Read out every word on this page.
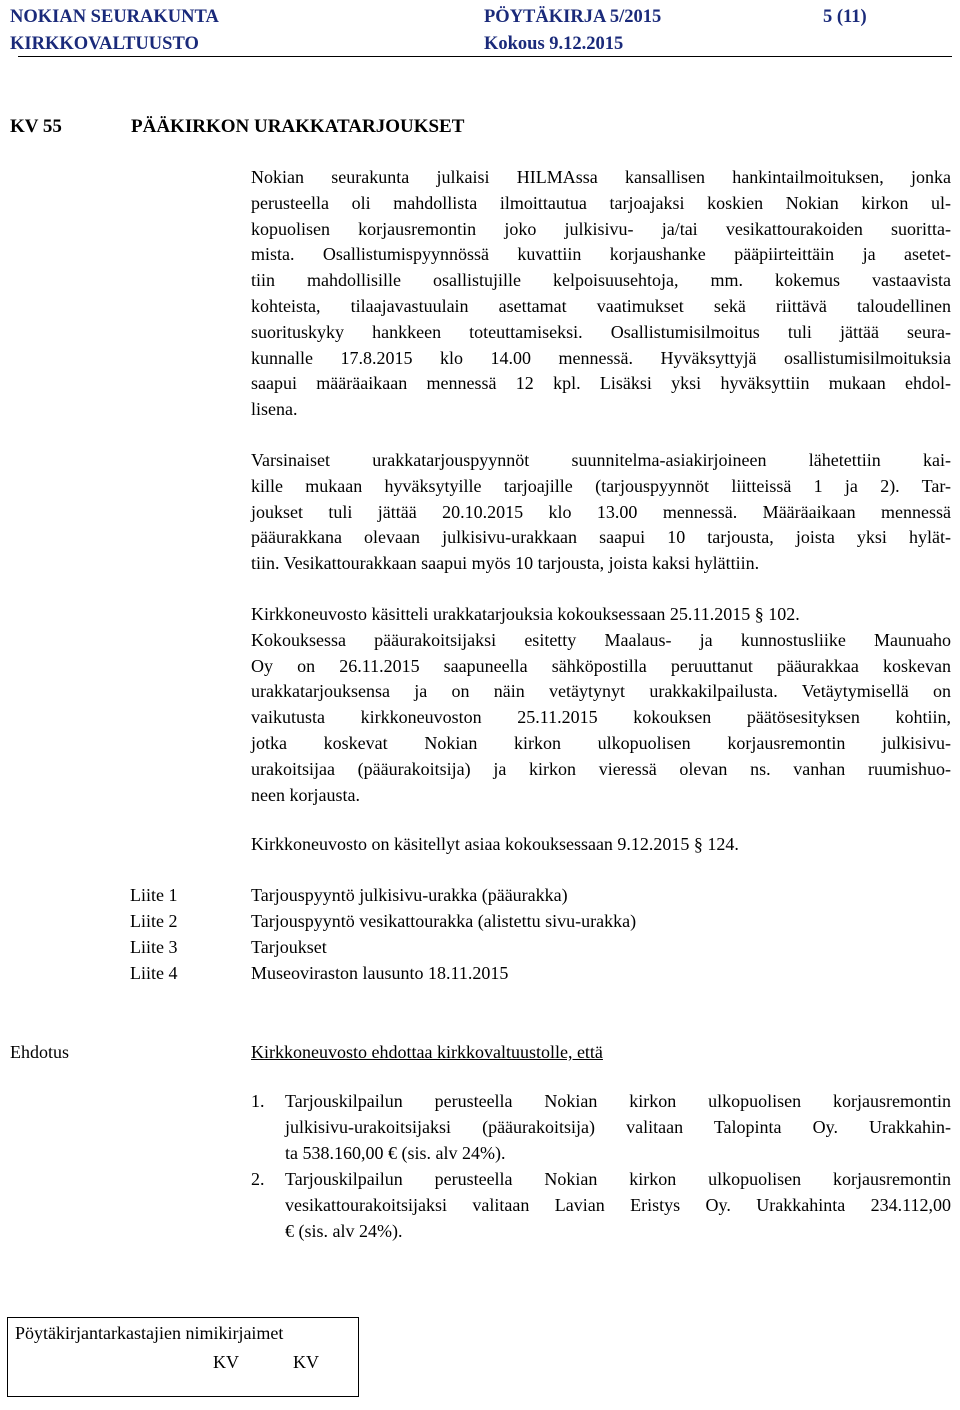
NOKIAN SEURAKUNTA
KIRKKOVALTUUSTO
PÖYTÄKIRJA 5/2015
Kokous 9.12.2015
5 (11)
KV 55	PÄÄKIRKON URAKKATARJOUKSET
Nokian seurakunta julkaisi HILMAssa kansallisen hankintailmoituksen, jonka
perusteella oli mahdollista ilmoittautua tarjoajaksi koskien Nokian kirkon ul-
kopuolisen korjausremontin joko julkisivu- ja/tai vesikattourakoiden suoritta-
mista. Osallistumispyynnössä kuvattiin korjaushanke pääpiirteittäin ja asetet-
tiin mahdollisille osallistujille kelpoisuusehtoja, mm. kokemus vastaavista
kohteista, tilaajavastuulain asettamat vaatimukset sekä riittävä taloudellinen
suorituskyky hankkeen toteuttamiseksi. Osallistumisilmoitus tuli jättää seura-
kunnalle 17.8.2015 klo 14.00 mennessä. Hyväksyttyjä osallistumisilmoituksia
saapui määräaikaan mennessä 12 kpl. Lisäksi yksi hyväksyttiin mukaan ehdol-
lisena.
Varsinaiset urakkatarjouspyynnöt suunnitelma-asiakirjoineen lähetettiin kai-
kille mukaan hyväksytyille tarjoajille (tarjouspyynnöt liitteissä 1 ja 2). Tar-
joukset tuli jättää 20.10.2015 klo 13.00 mennessä. Määräaikaan mennessä
pääurakkana olevaan julkisivu-urakkaan saapui 10 tarjousta, joista yksi hylät-
tiin. Vesikattourakkaan saapui myös 10 tarjousta, joista kaksi hylättiin.
Kirkkoneuvosto käsitteli urakkatarjouksia kokouksessaan 25.11.2015 § 102.
Kokouksessa pääurakoitsijaksi esitetty Maalaus- ja kunnostusliike Maunuaho
Oy on 26.11.2015 saapuneella sähköpostilla peruuttanut pääurakkaa koskevan
urakkatarjouksensa ja on näin vetäytynyt urakkakilpailusta. Vetäytymisellä on
vaikutusta kirkkoneuvoston 25.11.2015 kokouksen päätösesityksen kohtiin,
jotka koskevat Nokian kirkon ulkopuolisen korjausremontin julkisivu-
urakoitsijaa (pääurakoitsija) ja kirkon vieressä olevan ns. vanhan ruumishuo-
neen korjausta.
Kirkkoneuvosto on käsitellyt asiaa kokouksessaan 9.12.2015 § 124.
Liite 1	Tarjouspyyntö julkisivu-urakka (pääurakka)
Liite 2	Tarjouspyyntö vesikattourakka (alistettu sivu-urakka)
Liite 3	Tarjoukset
Liite 4	Museoviraston lausunto 18.11.2015
Ehdotus	Kirkkoneuvosto ehdottaa kirkkovaltuustolle, että
1.	Tarjouskilpailun perusteella Nokian kirkon ulkopuolisen korjausremontin
julkisivu-urakoitsijaksi (pääurakoitsija) valitaan Talopinta Oy. Urakkahin-
ta 538.160,00 € (sis. alv 24%).
2.	Tarjouskilpailun perusteella Nokian kirkon ulkopuolisen korjausremontin
vesikattourakoitsijaksi valitaan Lavian Eristys Oy. Urakkahinta 234.112,00
€ (sis. alv 24%).
Pöytäkirjantarkastajien nimikirjaimet
KV	KV
